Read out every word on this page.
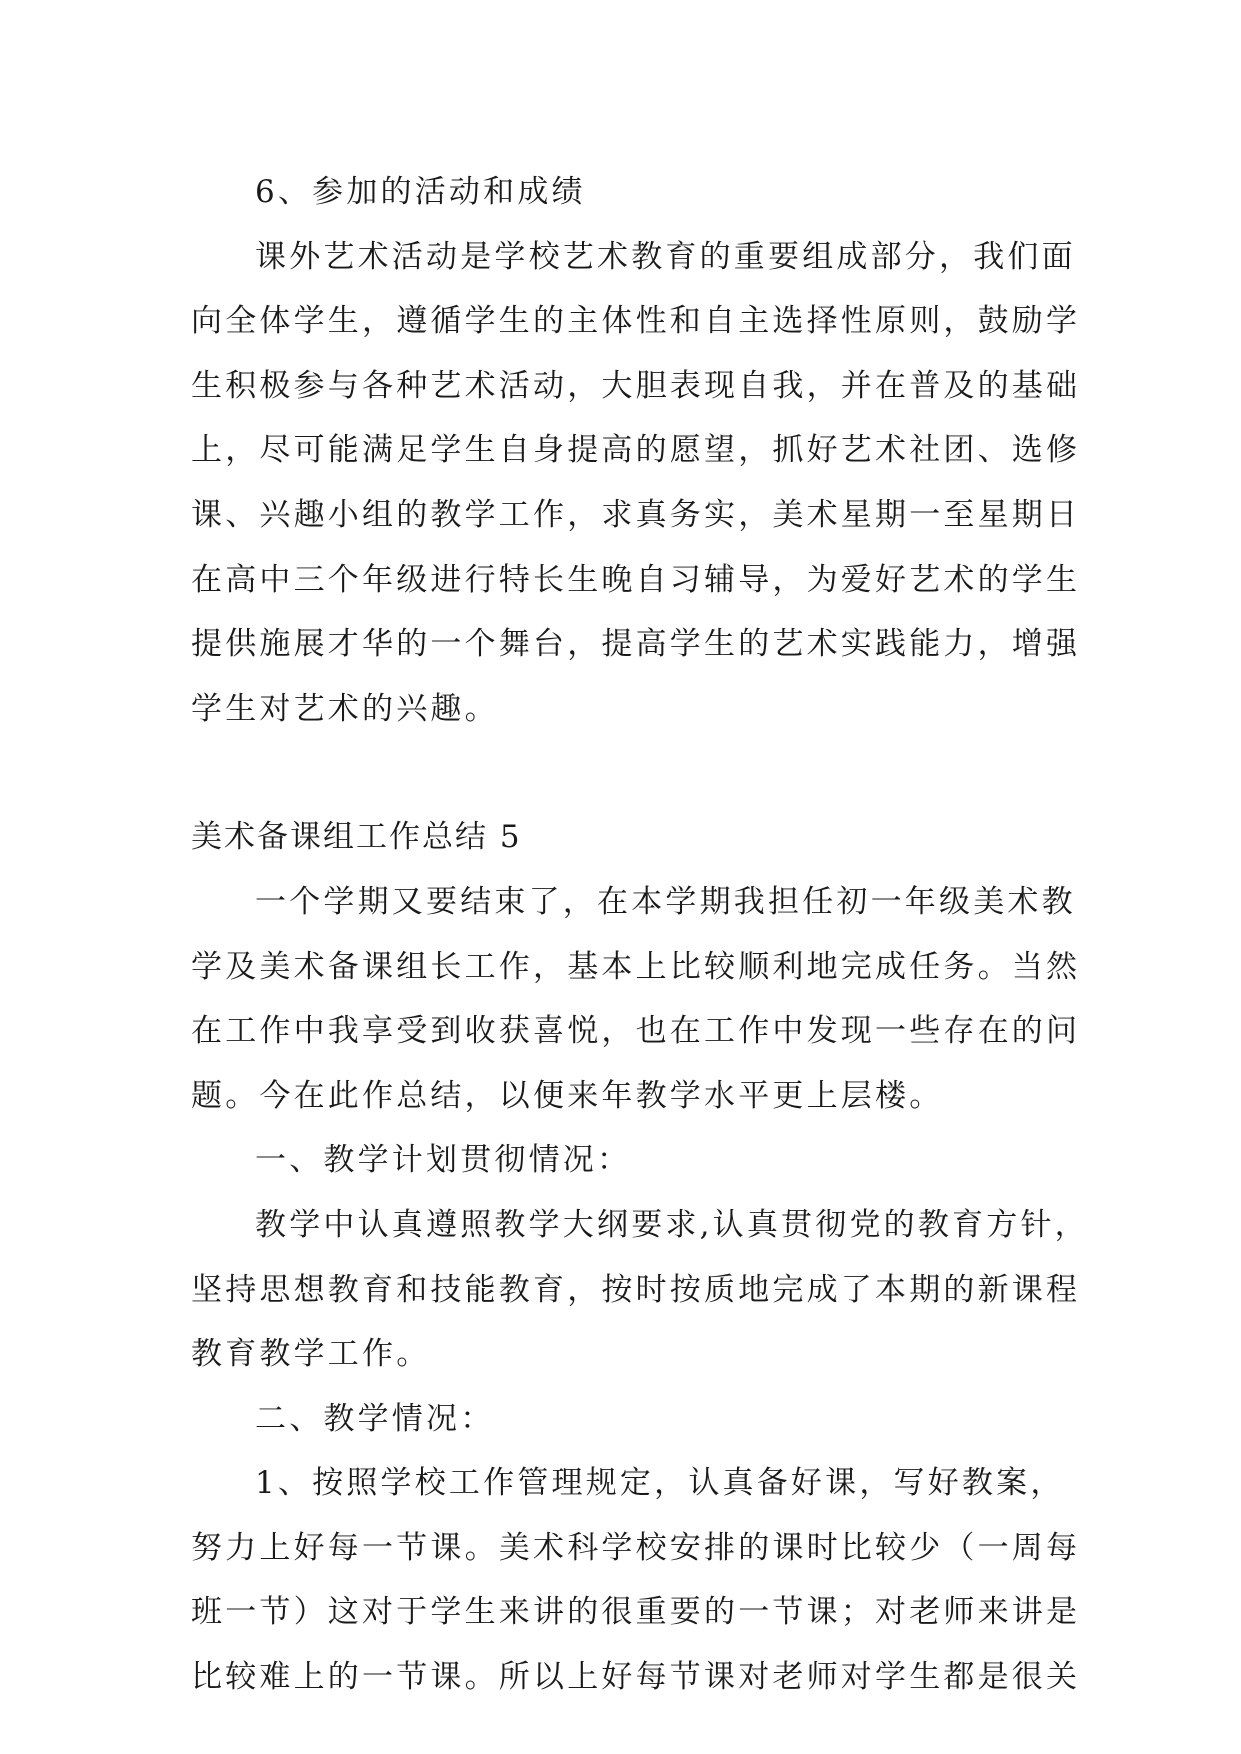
6、参加的活动和成绩
课外艺术活动是学校艺术教育的重要组成部分，我们面
向全体学生，遵循学生的主体性和自主选择性原则，鼓励学
生积极参与各种艺术活动，大胆表现自我，并在普及的基础
上，尽可能满足学生自身提高的愿望，抓好艺术社团、选修
课、兴趣小组的教学工作，求真务实，美术星期一至星期日
在高中三个年级进行特长生晚自习辅导，为爱好艺术的学生
提供施展才华的一个舞台，提高学生的艺术实践能力，增强
学生对艺术的兴趣。
美术备课组工作总结 5
一个学期又要结束了，在本学期我担任初一年级美术教
学及美术备课组长工作，基本上比较顺利地完成任务。当然
在工作中我享受到收获喜悦，也在工作中发现一些存在的问
题。今在此作总结，以便来年教学水平更上层楼。
一、教学计划贯彻情况：
教学中认真遵照教学大纲要求,认真贯彻党的教育方针，
坚持思想教育和技能教育，按时按质地完成了本期的新课程
教育教学工作。
二、教学情况：
1、按照学校工作管理规定，认真备好课，写好教案，
努力上好每一节课。美术科学校安排的课时比较少（一周每
班一节）这对于学生来讲的很重要的一节课；对老师来讲是
比较难上的一节课。所以上好每节课对老师对学生都是很关
